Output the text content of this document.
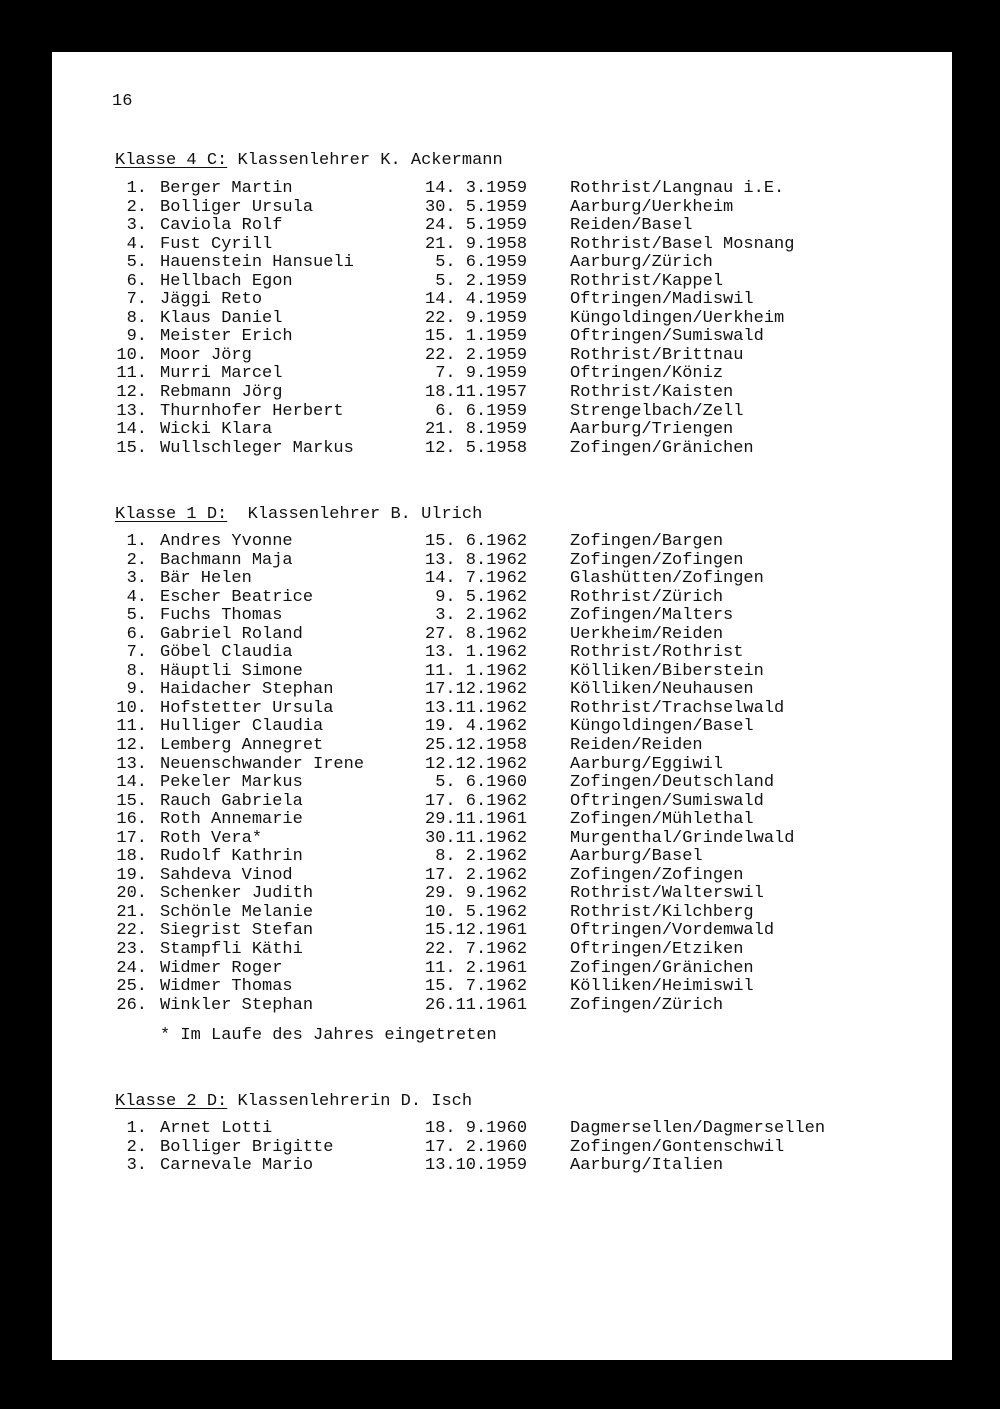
16
Klasse 4 C: Klassenlehrer K. Ackermann
1. Berger Martin	14. 3.1959	Rothrist/Langnau i.E.
2. Bolliger Ursula	30. 5.1959	Aarburg/Uerkheim
3. Caviola Rolf	24. 5.1959	Reiden/Basel
4. Fust Cyrill	21. 9.1958	Rothrist/Basel Mosnang
5. Hauenstein Hansueli	5. 6.1959	Aarburg/Zürich
6. Hellbach Egon	5. 2.1959	Rothrist/Kappel
7. Jäggi Reto	14. 4.1959	Oftringen/Madiswil
8. Klaus Daniel	22. 9.1959	Küngoldingen/Uerkheim
9. Meister Erich	15. 1.1959	Oftringen/Sumiswald
10. Moor Jörg	22. 2.1959	Rothrist/Brittnau
11. Murri Marcel	7. 9.1959	Oftringen/Köniz
12. Rebmann Jörg	18.11.1957	Rothrist/Kaisten
13. Thurnhofer Herbert	6. 6.1959	Strengelbach/Zell
14. Wicki Klara	21. 8.1959	Aarburg/Triengen
15. Wullschleger Markus	12. 5.1958	Zofingen/Gränichen
Klasse 1 D:  Klassenlehrer B. Ulrich
1. Andres Yvonne	15. 6.1962	Zofingen/Bargen
2. Bachmann Maja	13. 8.1962	Zofingen/Zofingen
3. Bär Helen	14. 7.1962	Glashütten/Zofingen
4. Escher Beatrice	9. 5.1962	Rothrist/Zürich
5. Fuchs Thomas	3. 2.1962	Zofingen/Malters
6. Gabriel Roland	27. 8.1962	Uerkheim/Reiden
7. Göbel Claudia	13. 1.1962	Rothrist/Rothrist
8. Häuptli Simone	11. 1.1962	Kölliken/Biberstein
9. Haidacher Stephan	17.12.1962	Kölliken/Neuhausen
10. Hofstetter Ursula	13.11.1962	Rothrist/Trachselwald
11. Hulliger Claudia	19. 4.1962	Küngoldingen/Basel
12. Lemberg Annegret	25.12.1958	Reiden/Reiden
13. Neuenschwander Irene	12.12.1962	Aarburg/Eggiwil
14. Pekeler Markus	5. 6.1960	Zofingen/Deutschland
15. Rauch Gabriela	17. 6.1962	Oftringen/Sumiswald
16. Roth Annemarie	29.11.1961	Zofingen/Mühlethal
17. Roth Vera*	30.11.1962	Murgenthal/Grindelwald
18. Rudolf Kathrin	8. 2.1962	Aarburg/Basel
19. Sahdeva Vinod	17. 2.1962	Zofingen/Zofingen
20. Schenker Judith	29. 9.1962	Rothrist/Walterswil
21. Schönle Melanie	10. 5.1962	Rothrist/Kilchberg
22. Siegrist Stefan	15.12.1961	Oftringen/Vordemwald
23. Stampfli Käthi	22. 7.1962	Oftringen/Etziken
24. Widmer Roger	11. 2.1961	Zofingen/Gränichen
25. Widmer Thomas	15. 7.1962	Kölliken/Heimiswil
26. Winkler Stephan	26.11.1961	Zofingen/Zürich
* Im Laufe des Jahres eingetreten
Klasse 2 D: Klassenlehrerin D. Isch
1. Arnet Lotti	18. 9.1960	Dagmersellen/Dagmersellen
2. Bolliger Brigitte	17. 2.1960	Zofingen/Gontenschwil
3. Carnevale Mario	13.10.1959	Aarburg/Italien
